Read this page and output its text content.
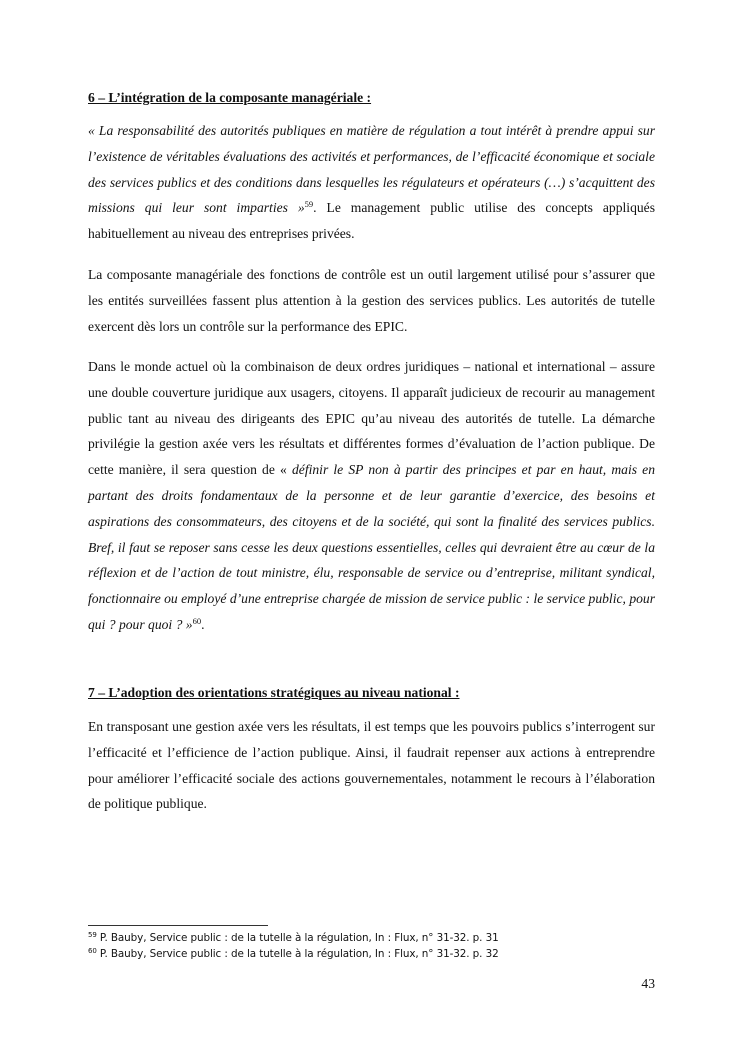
6 – L’intégration de la composante managériale :
« La responsabilité des autorités publiques en matière de régulation a tout intérêt à prendre appui sur l’existence de véritables évaluations des activités et performances, de l’efficacité économique et sociale des services publics et des conditions dans lesquelles les régulateurs et opérateurs (…) s’acquittent des missions qui leur sont imparties »$^{59}$. Le management public utilise des concepts appliqués habituellement au niveau des entreprises privées.
La composante managériale des fonctions de contrôle est un outil largement utilisé pour s’assurer que les entités surveillées fassent plus attention à la gestion des services publics. Les autorités de tutelle exercent dès lors un contrôle sur la performance des EPIC.
Dans le monde actuel où la combinaison de deux ordres juridiques – national et international – assure une double couverture juridique aux usagers, citoyens. Il apparaît judicieux de recourir au management public tant au niveau des dirigeants des EPIC qu’au niveau des autorités de tutelle. La démarche privilégie la gestion axée vers les résultats et différentes formes d’évaluation de l’action publique. De cette manière, il sera question de « définir le SP non à partir des principes et par en haut, mais en partant des droits fondamentaux de la personne et de leur garantie d’exercice, des besoins et aspirations des consommateurs, des citoyens et de la société, qui sont la finalité des services publics. Bref, il faut se reposer sans cesse les deux questions essentielles, celles qui devraient être au cœur de la réflexion et de l’action de tout ministre, élu, responsable de service ou d’entreprise, militant syndical, fonctionnaire ou employé d’une entreprise chargée de mission de service public : le service public, pour qui ? pour quoi ? »$^{60}$.
7 – L’adoption des orientations stratégiques au niveau national :
En transposant une gestion axée vers les résultats, il est temps que les pouvoirs publics s’interrogent sur l’efficacité et l’efficience de l’action publique. Ainsi, il faudrait repenser aux actions à entreprendre pour améliorer l’efficacité sociale des actions gouvernementales, notamment le recours à l’élaboration de politique publique.
$^{59}$ P. Bauby, Service public : de la tutelle à la régulation, In : Flux, n° 31-32. p. 31
$^{60}$ P. Bauby, Service public : de la tutelle à la régulation, In : Flux, n° 31-32. p. 32
43
